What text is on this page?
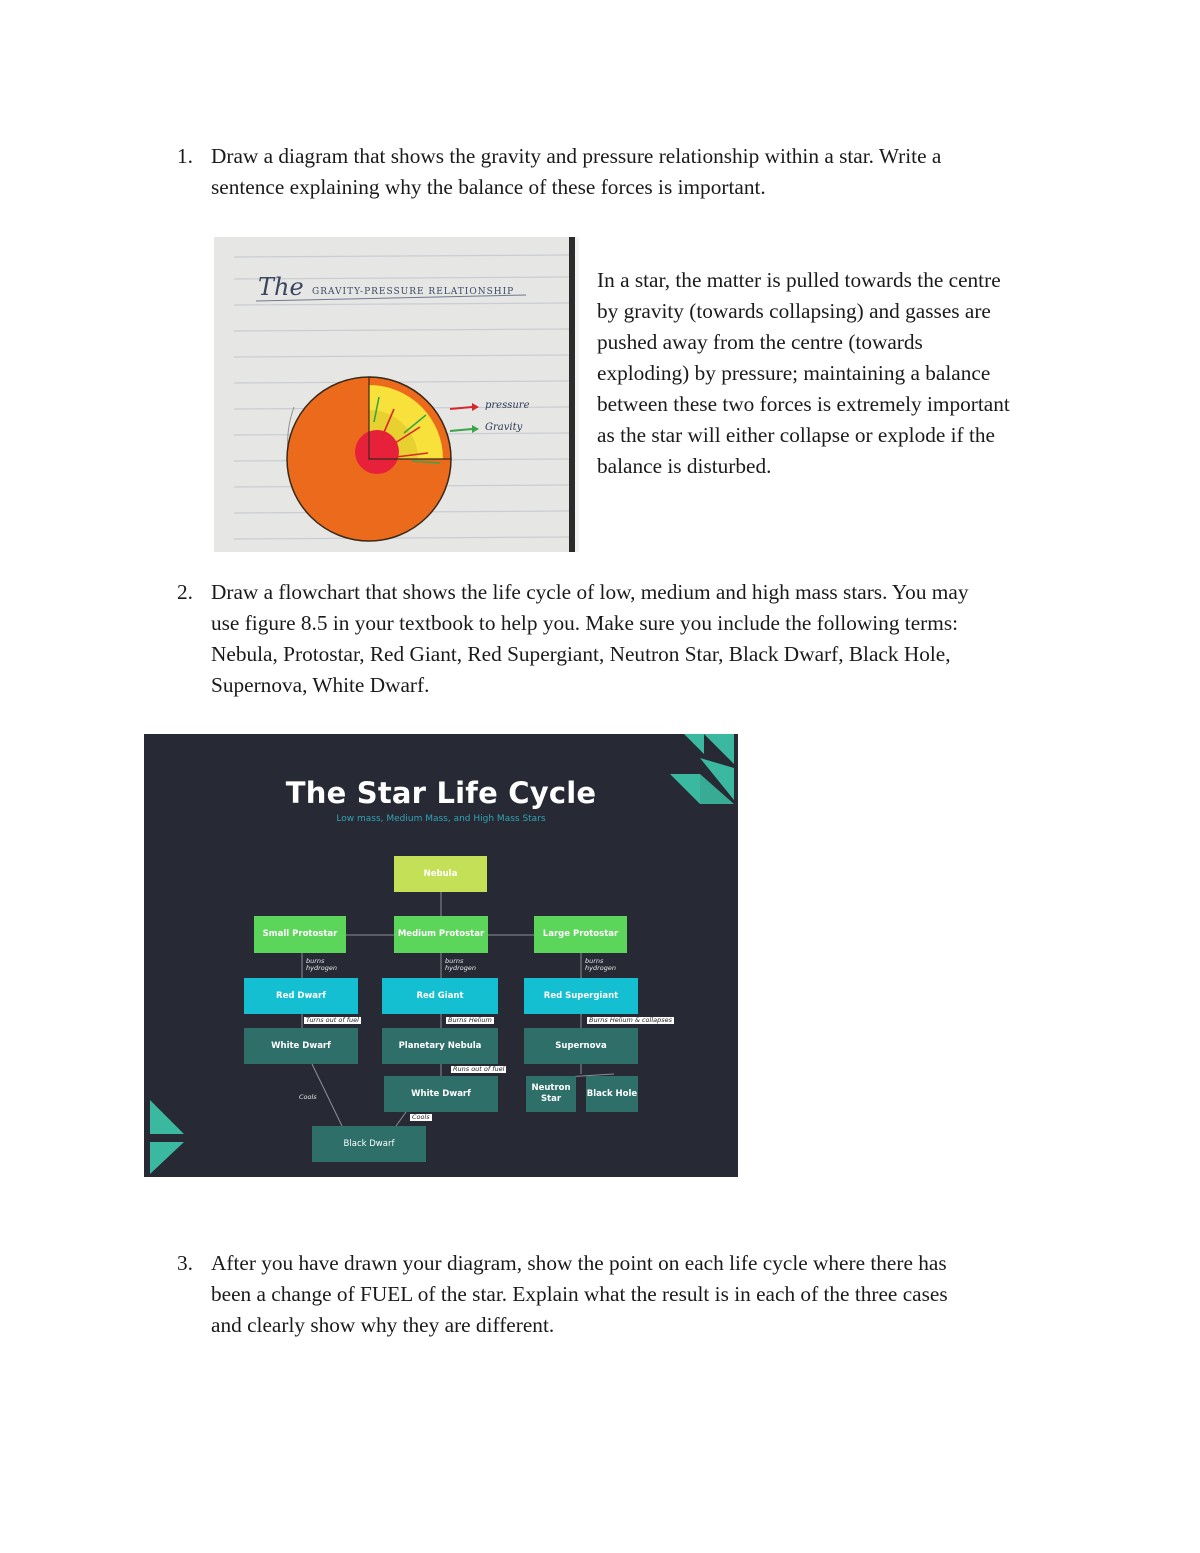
1. Draw a diagram that shows the gravity and pressure relationship within a star. Write a
sentence explaining why the balance of these forces is important.
The GRAVITY-PRESSURE RELATIONSHIP
pressure
Gravity
In a star, the matter is pulled towards the centre
by gravity (towards collapsing) and gasses are
pushed away from the centre (towards
exploding) by pressure; maintaining a balance
between these two forces is extremely important
as the star will either collapse or explode if the
balance is disturbed.
2. Draw a flowchart that shows the life cycle of low, medium and high mass stars. You may
use figure 8.5 in your textbook to help you. Make sure you include the following terms:
Nebula, Protostar, Red Giant, Red Supergiant, Neutron Star, Black Dwarf, Black Hole,
Supernova, White Dwarf.
The Star Life Cycle
Low mass, Medium Mass, and High Mass Stars
Nebula
Small Protostar	Medium Protostar	Large Protostar
burns hydrogen
burns hydrogen
burns hydrogen
Red Dwarf	Red Giant	Red Supergiant
Turns out of fuel	Burns Helium	Burns Helium & collapses
White Dwarf	Planetary Nebula	Supernova
Runs out of fuel
Neutron Star
Black Hole
White Dwarf
Cools
Cools
Black Dwarf
3. After you have drawn your diagram, show the point on each life cycle where there has
been a change of FUEL of the star. Explain what the result is in each of the three cases
and clearly show why they are different.
